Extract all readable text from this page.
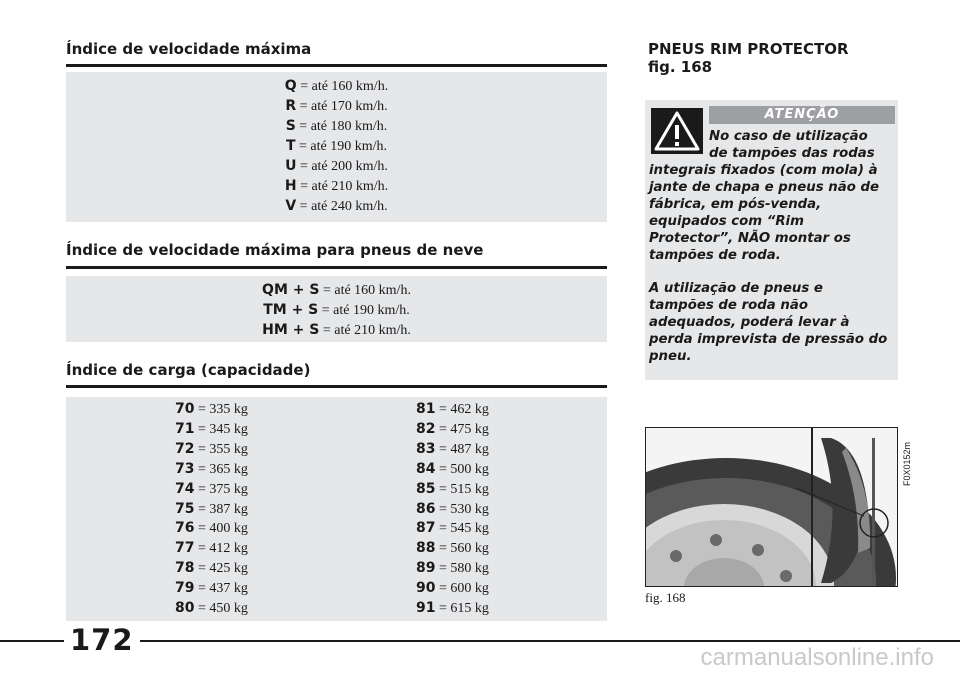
Índice de velocidade máxima
Q = até 160 km/h.
R = até 170 km/h.
S = até 180 km/h.
T = até 190 km/h.
U = até 200 km/h.
H = até 210 km/h.
V = até 240 km/h.
Índice de velocidade máxima para pneus de neve
QM + S = até 160 km/h.
TM + S = até 190 km/h.
HM + S = até 210 km/h.
Índice de carga (capacidade)
70 = 335 kg
71 = 345 kg
72 = 355 kg
73 = 365 kg
74 = 375 kg
75 = 387 kg
76 = 400 kg
77 = 412 kg
78 = 425 kg
79 = 437 kg
80 = 450 kg
81 = 462 kg
82 = 475 kg
83 = 487 kg
84 = 500 kg
85 = 515 kg
86 = 530 kg
87 = 545 kg
88 = 560 kg
89 = 580 kg
90 = 600 kg
91 = 615 kg
PNEUS RIM PROTECTOR
fig. 168
ATENÇÃO
No caso de utilização
de tampões das rodas
integrais fixados (com mola) à
jante de chapa e pneus não de
fábrica, em pós-venda,
equipados com “Rim
Protector”, NÃO montar os
tampões de roda.
A utilização de pneus e
tampões de roda não
adequados, poderá levar à
perda imprevista de pressão do
pneu.
F0X0152m
fig. 168
172
carmanualsonline.info
